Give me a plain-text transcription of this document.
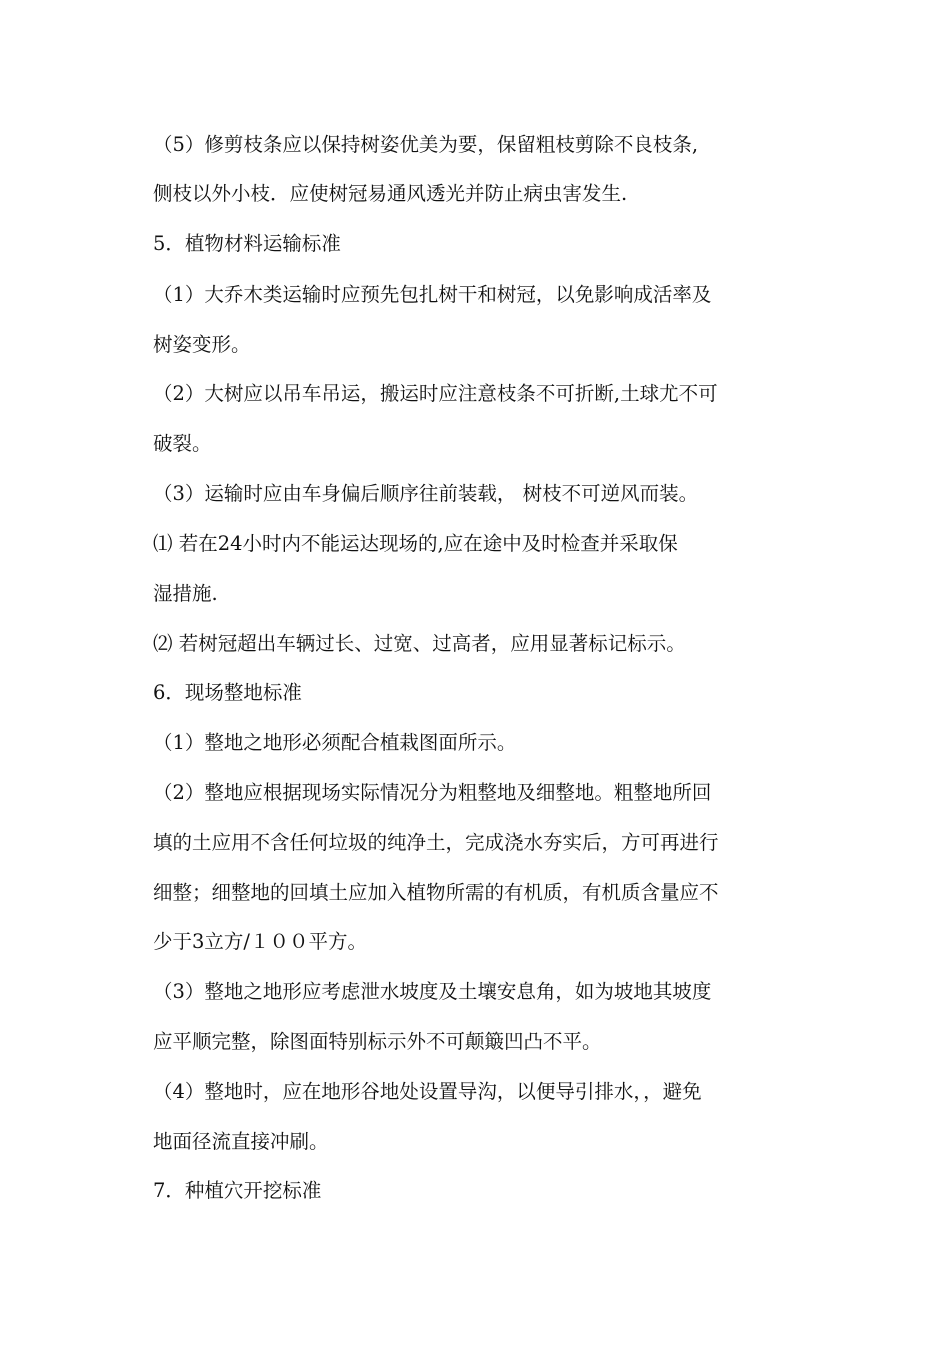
（5）修剪枝条应以保持树姿优美为要，保留粗枝剪除不良枝条,
侧枝以外小枝．应使树冠易通风透光并防止病虫害发生.
5．植物材料运输标准
（1）大乔木类运输时应预先包扎树干和树冠，以免影响成活率及
树姿变形。
（2）大树应以吊车吊运，搬运时应注意枝条不可折断,土球尤不可
破裂。
（3）运输时应由车身偏后顺序往前装载， 树枝不可逆风而装。
⑴ 若在24小时内不能运达现场的,应在途中及时检查并采取保
湿措施.
⑵ 若树冠超出车辆过长、过宽、过高者，应用显著标记标示。
6．现场整地标准
（1）整地之地形必须配合植栽图面所示。
（2）整地应根据现场实际情况分为粗整地及细整地。粗整地所回
填的土应用不含任何垃圾的纯净土，完成浇水夯实后，方可再进行
细整；细整地的回填土应加入植物所需的有机质，有机质含量应不
少于3立方/１００平方。
（3）整地之地形应考虑泄水坡度及土壤安息角，如为坡地其坡度
应平顺完整，除图面特别标示外不可颠簸凹凸不平。
（4）整地时，应在地形谷地处设置导沟，以便导引排水，，避免
地面径流直接冲刷。
7．种植穴开挖标准
